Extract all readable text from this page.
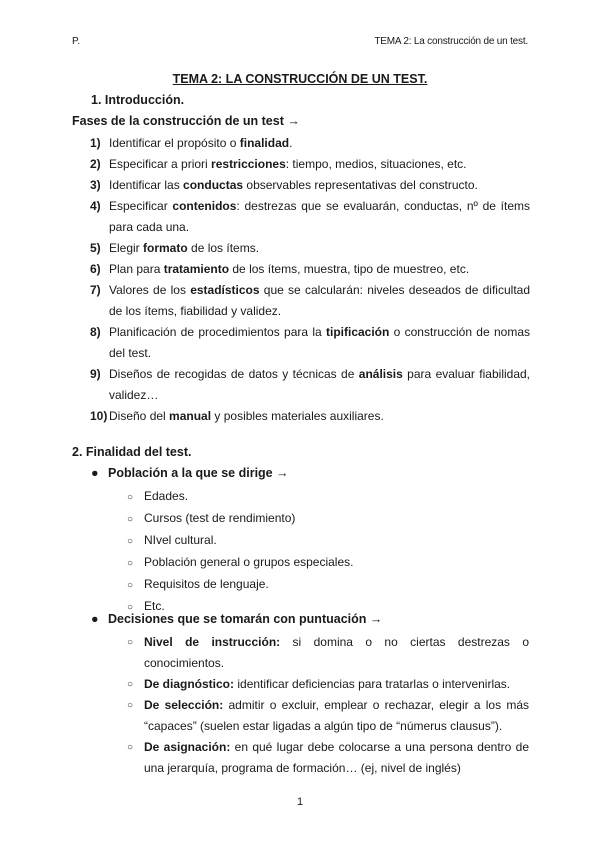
P.	TEMA 2: La construcción de un test.
TEMA 2: LA CONSTRUCCIÓN DE UN TEST.
1. Introducción.
Fases de la construcción de un test →
1) Identificar el propósito o finalidad.
2) Especificar a priori restricciones: tiempo, medios, situaciones, etc.
3) Identificar las conductas observables representativas del constructo.
4) Especificar contenidos: destrezas que se evaluarán, conductas, nº de ítems para cada una.
5) Elegir formato de los ítems.
6) Plan para tratamiento de los ítems, muestra, tipo de muestreo, etc.
7) Valores de los estadísticos que se calcularán: niveles deseados de dificultad de los ítems, fiabilidad y validez.
8) Planificación de procedimientos para la tipificación o construcción de nomas del test.
9) Diseños de recogidas de datos y técnicas de análisis para evaluar fiabilidad, validez…
10) Diseño del manual y posibles materiales auxiliares.
2. Finalidad del test.
● Población a la que se dirige →
○ Edades.
○ Cursos (test de rendimiento)
○ NIvel cultural.
○ Población general o grupos especiales.
○ Requisitos de lenguaje.
○ Etc.
● Decisiones que se tomarán con puntuación →
○ Nivel de instrucción: si domina o no ciertas destrezas o conocimientos.
○ De diagnóstico: identificar deficiencias para tratarlas o intervenirlas.
○ De selección: admitir o excluir, emplear o rechazar, elegir a los más “capaces” (suelen estar ligadas a algún tipo de “númerus clausus”).
○ De asignación: en qué lugar debe colocarse a una persona dentro de una jerarquía, programa de formación… (ej, nivel de inglés)
1
